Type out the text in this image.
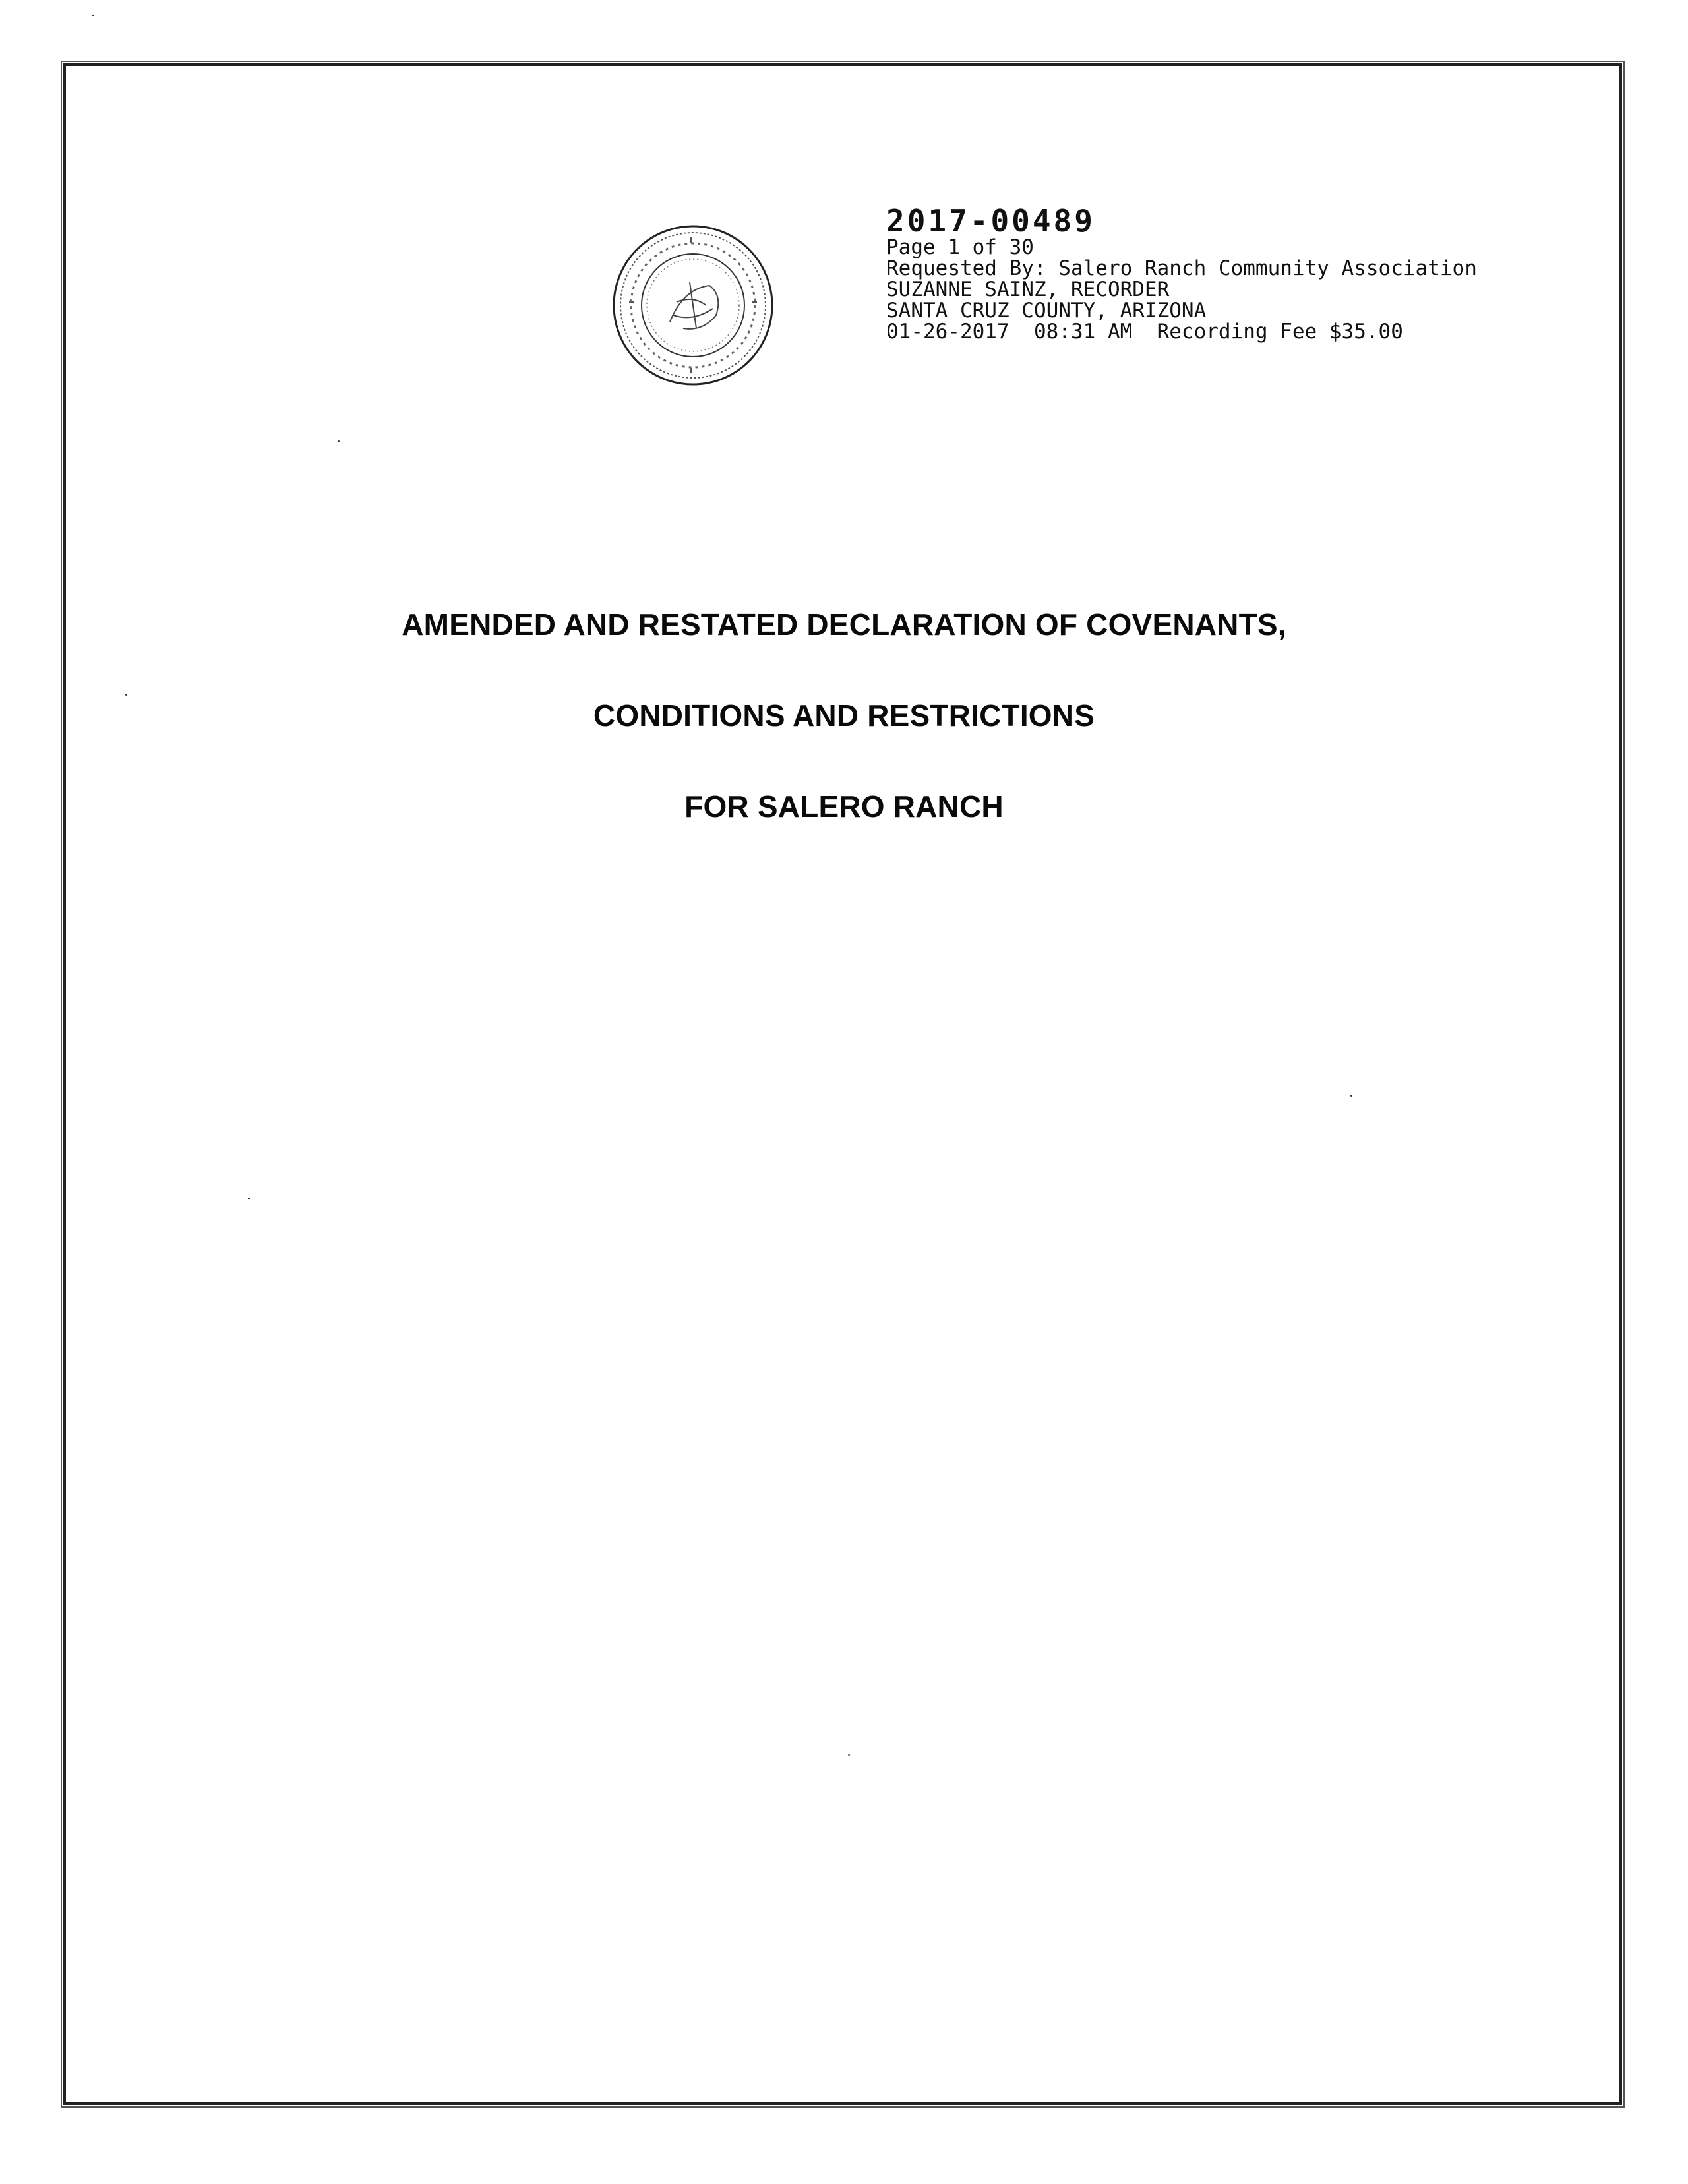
2017-00489
Page 1 of 30
Requested By: Salero Ranch Community Association
SUZANNE SAINZ, RECORDER
SANTA CRUZ COUNTY, ARIZONA
01-26-2017  08:31 AM  Recording Fee $35.00
AMENDED AND RESTATED DECLARATION OF COVENANTS,
CONDITIONS AND RESTRICTIONS
FOR SALERO RANCH
